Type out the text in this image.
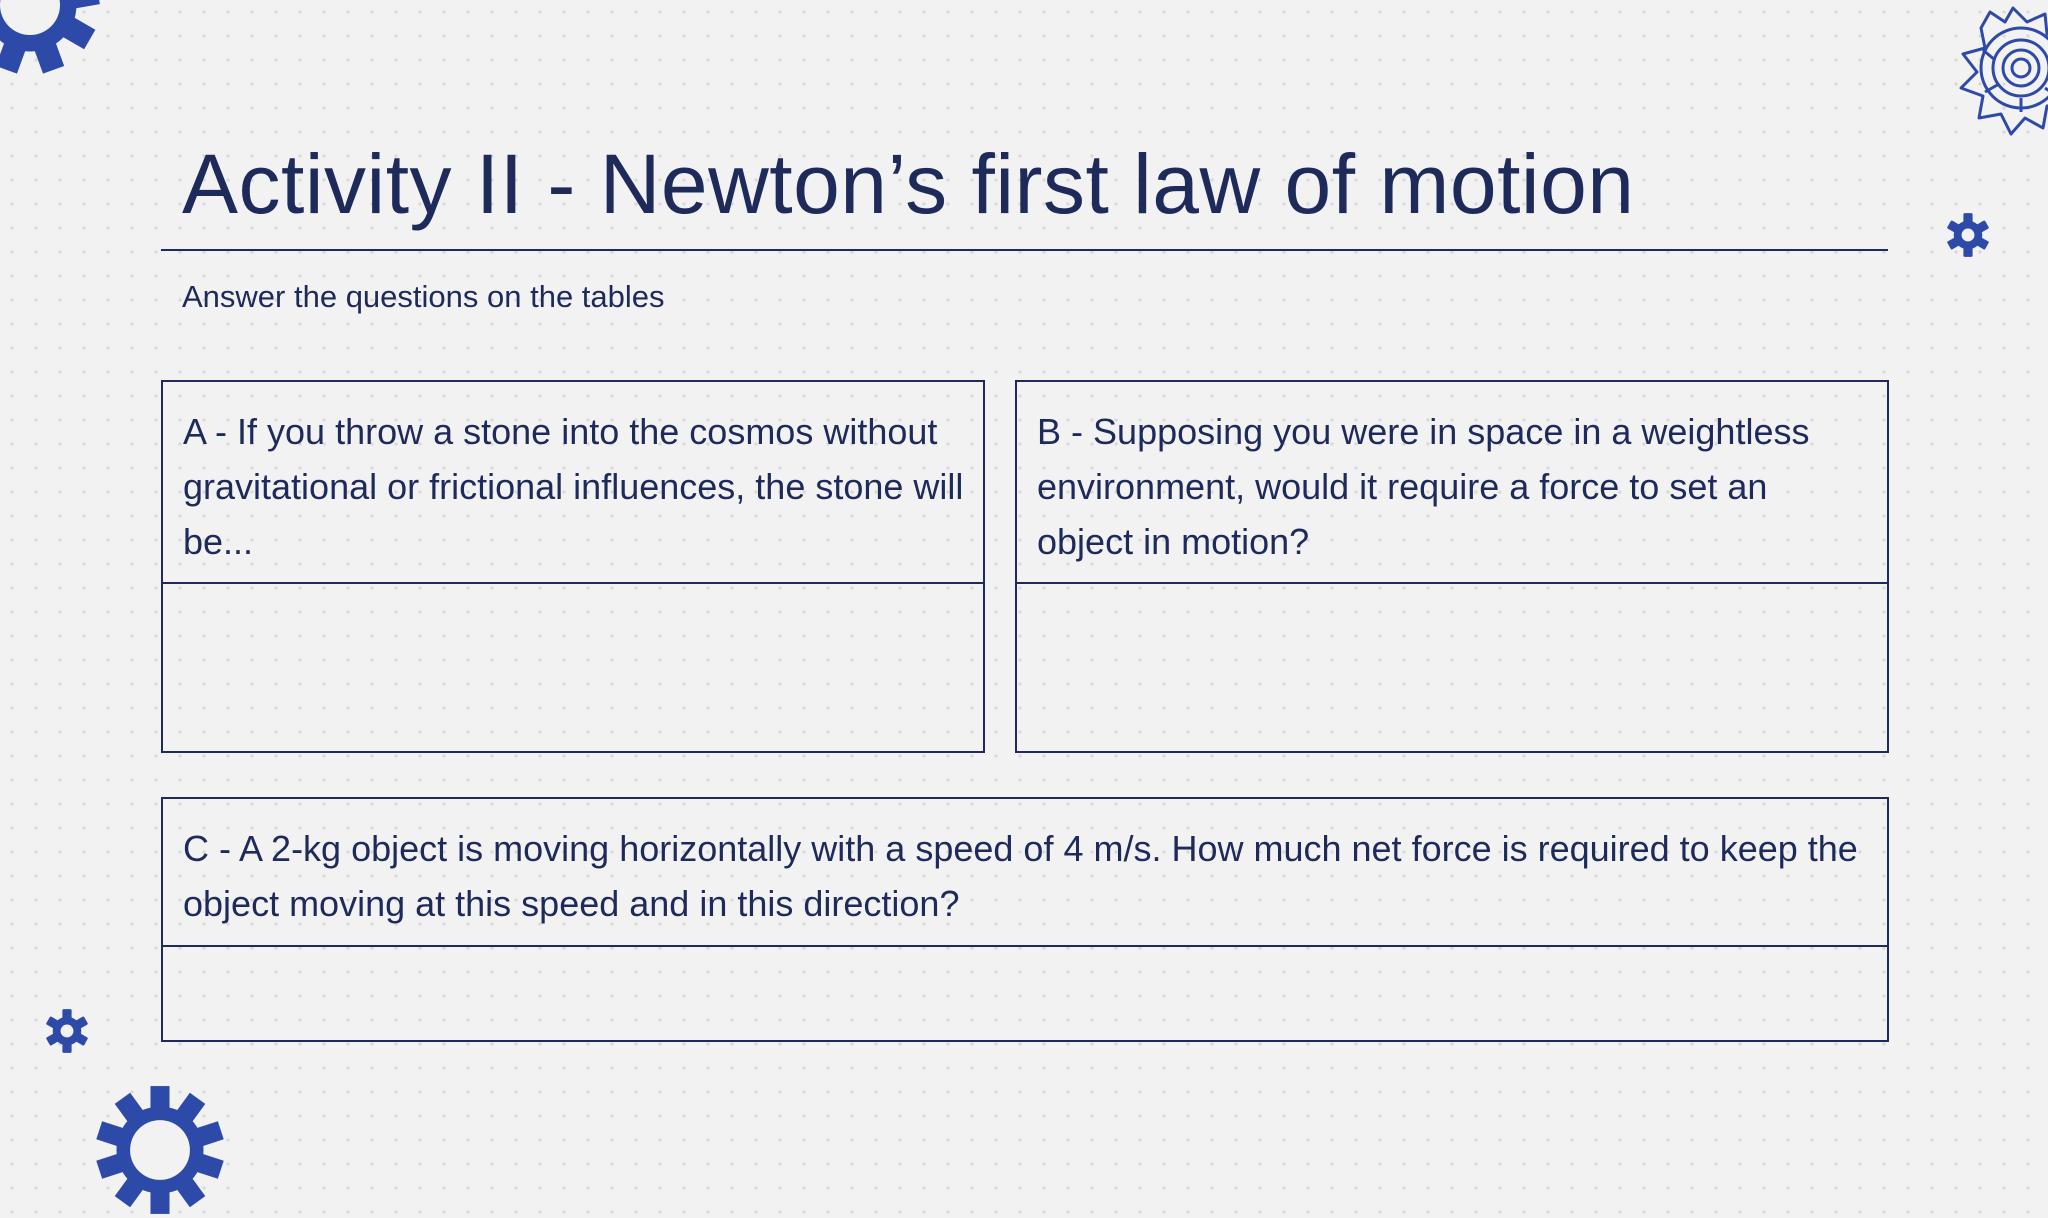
Activity II - Newton’s first law of motion

Answer the questions on the tables

A - If you throw a stone into the cosmos without gravitational or frictional influences, the stone will be...

B - Supposing you were in space in a weightless environment, would it require a force to set an object in motion?

C - A 2-kg object is moving horizontally with a speed of 4 m/s. How much net force is required to keep the object moving at this speed and in this direction?
